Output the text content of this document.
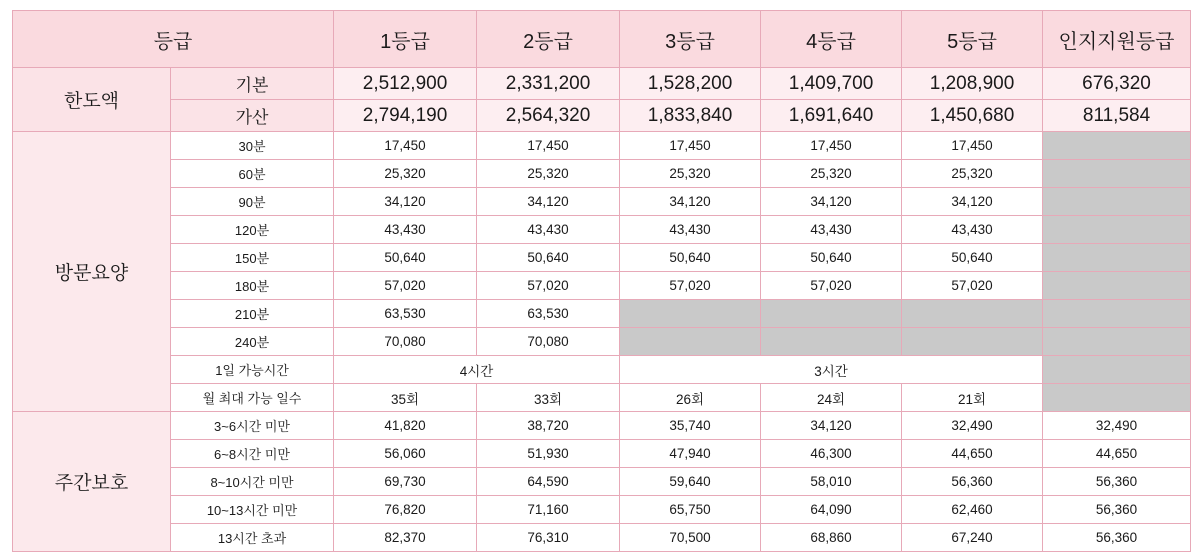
등급		1등급	2등급	3등급	4등급	5등급	인지지원등급
한도액	기본	2,512,900	2,331,200	1,528,200	1,409,700	1,208,900	676,320
	가산	2,794,190	2,564,320	1,833,840	1,691,640	1,450,680	811,584
방문요양	30분	17,450	17,450	17,450	17,450	17,450	
	60분	25,320	25,320	25,320	25,320	25,320	
	90분	34,120	34,120	34,120	34,120	34,120	
	120분	43,430	43,430	43,430	43,430	43,430	
	150분	50,640	50,640	50,640	50,640	50,640	
	180분	57,020	57,020	57,020	57,020	57,020	
	210분	63,530	63,530				
	240분	70,080	70,080				
	1일 가능시간	4시간		3시간			
	월 최대 가능 일수	35회	33회	26회	24회	21회	
주간보호	3~6시간 미만	41,820	38,720	35,740	34,120	32,490	32,490
	6~8시간 미만	56,060	51,930	47,940	46,300	44,650	44,650
	8~10시간 미만	69,730	64,590	59,640	58,010	56,360	56,360
	10~13시간 미만	76,820	71,160	65,750	64,090	62,460	56,360
	13시간 초과	82,370	76,310	70,500	68,860	67,240	56,360
